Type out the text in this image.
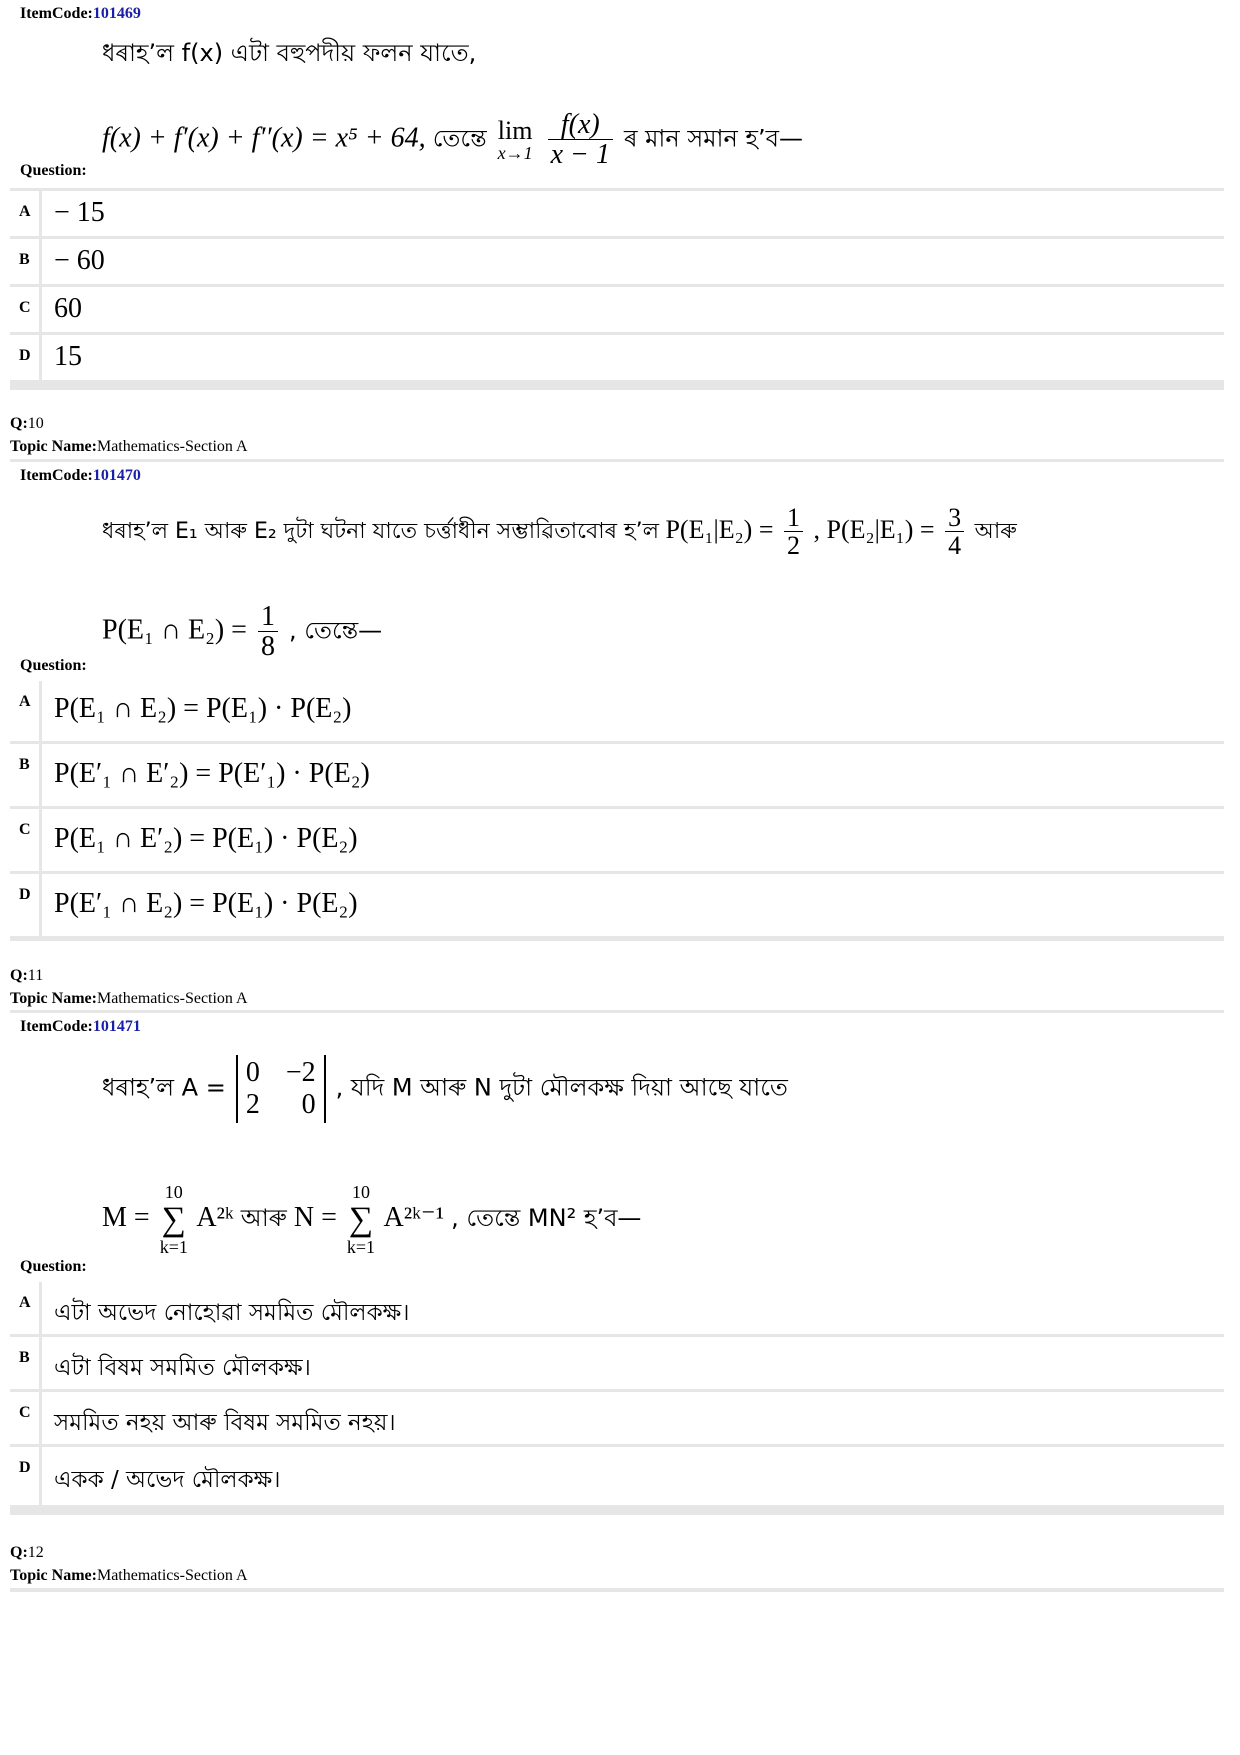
ItemCode:101469
ধৰাহ’ল f(x) এটা বহুপদীয় ফলন যাতে,
f(x) + f′(x) + f′′(x) = x⁵ + 64, তেন্তে lim
x→1
$\frac{f(x)}{x - 1}$ ৰ মান সমান হ’ব—
Question:
A − 15
B − 60
C 60
D 15
Q:10
Topic Name:Mathematics-Section A
ItemCode:101470
ধৰাহ’ল E₁ আৰু E₂ দুটা ঘটনা যাতে চৰ্ত্তাধীন সম্ভাৱিতাবোৰ হ’ল $P(E_1|E_2) = \frac{1}{2}$ , $P(E_2|E_1) = \frac{3}{4}$ আৰু
P(E₁ ∩ $E_2) = \frac{1}{8}$ , তেন্তে—
Question:
A P(E₁ ∩ E₂) = P(E₁) · P(E₂)
B P(E′₁ ∩ E′₂) = P(E′₁) · P(E₂)
C P(E₁ ∩ E′₂) = P(E₁) · P(E₂)
D P(E′₁ ∩ E₂) = P(E₁) · P(E₂)
Q:11
Topic Name:Mathematics-Section A
ItemCode:101471
ধৰাহ’ল A = 0 −2
2 0
, যদি M আৰু N দুটা মৌলকক্ষ দিয়া আছে যাতে
M =
10
∑
k=1
A²ᵏ আৰু N =
10
∑
k=1
A²ᵏ⁻¹ , তেন্তে MN² হ’ব—
Question:
A এটা অভেদ নোহোৱা সমমিত মৌলকক্ষ।
B এটা বিষম সমমিত মৌলকক্ষ।
C সমমিত নহয় আৰু বিষম সমমিত নহয়।
D একক / অভেদ মৌলকক্ষ।
Q:12
Topic Name:Mathematics-Section A
